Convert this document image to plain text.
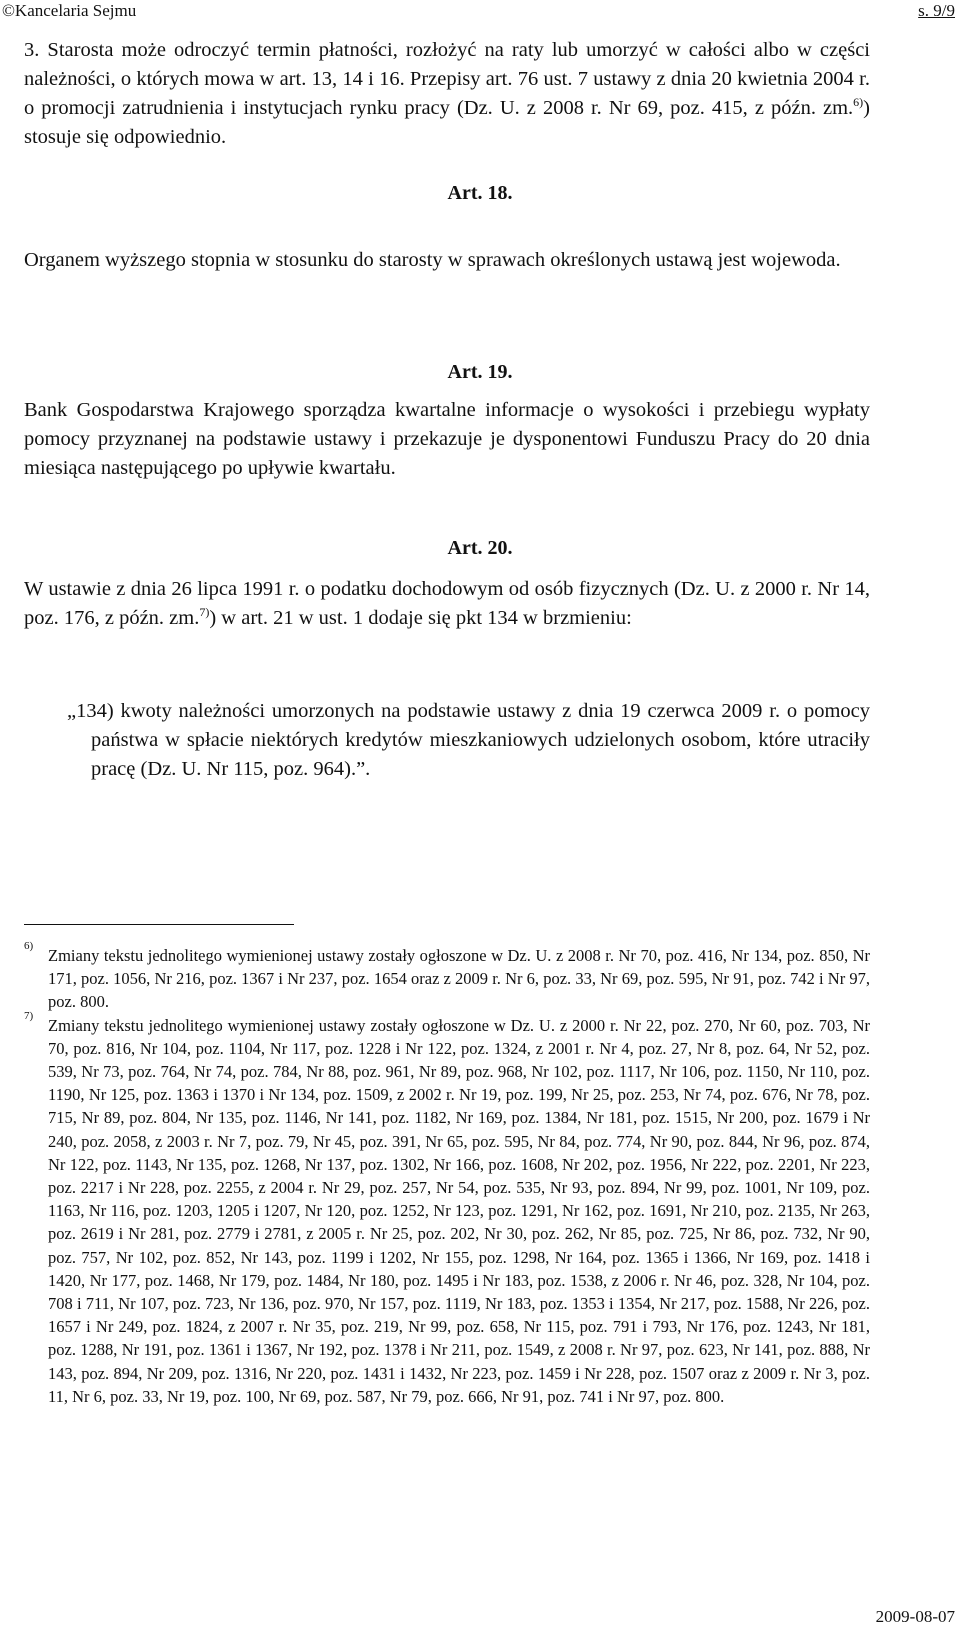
©Kancelaria Sejmu	s. 9/9

3. Starosta może odroczyć termin płatności, rozłożyć na raty lub umorzyć w całości albo w części należności, o których mowa w art. 13, 14 i 16. Przepisy art. 76 ust. 7 ustawy z dnia 20 kwietnia 2004 r. o promocji zatrudnienia i instytucjach rynku pracy (Dz. U. z 2008 r. Nr 69, poz. 415, z późn. zm.$^{6)}$) stosuje się odpowiednio.

Art. 18.

Organem wyższego stopnia w stosunku do starosty w sprawach określonych ustawą jest wojewoda.

Art. 19.

Bank Gospodarstwa Krajowego sporządza kwartalne informacje o wysokości i przebiegu wypłaty pomocy przyznanej na podstawie ustawy i przekazuje je dysponentowi Funduszu Pracy do 20 dnia miesiąca następującego po upływie kwartału.

Art. 20.

W ustawie z dnia 26 lipca 1991 r. o podatku dochodowym od osób fizycznych (Dz. U. z 2000 r. Nr 14, poz. 176, z późn. zm.$^{7)}$) w art. 21 w ust. 1 dodaje się pkt 134 w brzmieniu:

„134) kwoty należności umorzonych na podstawie ustawy z dnia 19 czerwca 2009 r. o pomocy państwa w spłacie niektórych kredytów mieszkaniowych udzielonych osobom, które utraciły pracę (Dz. U. Nr 115, poz. 964).”.

6) Zmiany tekstu jednolitego wymienionej ustawy zostały ogłoszone w Dz. U. z 2008 r. Nr 70, poz. 416, Nr 134, poz. 850, Nr 171, poz. 1056, Nr 216, poz. 1367 i Nr 237, poz. 1654 oraz z 2009 r. Nr 6, poz. 33, Nr 69, poz. 595, Nr 91, poz. 742 i Nr 97, poz. 800.

7) Zmiany tekstu jednolitego wymienionej ustawy zostały ogłoszone w Dz. U. z 2000 r. Nr 22, poz. 270, Nr 60, poz. 703, Nr 70, poz. 816, Nr 104, poz. 1104, Nr 117, poz. 1228 i Nr 122, poz. 1324, z 2001 r. Nr 4, poz. 27, Nr 8, poz. 64, Nr 52, poz. 539, Nr 73, poz. 764, Nr 74, poz. 784, Nr 88, poz. 961, Nr 89, poz. 968, Nr 102, poz. 1117, Nr 106, poz. 1150, Nr 110, poz. 1190, Nr 125, poz. 1363 i 1370 i Nr 134, poz. 1509, z 2002 r. Nr 19, poz. 199, Nr 25, poz. 253, Nr 74, poz. 676, Nr 78, poz. 715, Nr 89, poz. 804, Nr 135, poz. 1146, Nr 141, poz. 1182, Nr 169, poz. 1384, Nr 181, poz. 1515, Nr 200, poz. 1679 i Nr 240, poz. 2058, z 2003 r. Nr 7, poz. 79, Nr 45, poz. 391, Nr 65, poz. 595, Nr 84, poz. 774, Nr 90, poz. 844, Nr 96, poz. 874, Nr 122, poz. 1143, Nr 135, poz. 1268, Nr 137, poz. 1302, Nr 166, poz. 1608, Nr 202, poz. 1956, Nr 222, poz. 2201, Nr 223, poz. 2217 i Nr 228, poz. 2255, z 2004 r. Nr 29, poz. 257, Nr 54, poz. 535, Nr 93, poz. 894, Nr 99, poz. 1001, Nr 109, poz. 1163, Nr 116, poz. 1203, 1205 i 1207, Nr 120, poz. 1252, Nr 123, poz. 1291, Nr 162, poz. 1691, Nr 210, poz. 2135, Nr 263, poz. 2619 i Nr 281, poz. 2779 i 2781, z 2005 r. Nr 25, poz. 202, Nr 30, poz. 262, Nr 85, poz. 725, Nr 86, poz. 732, Nr 90, poz. 757, Nr 102, poz. 852, Nr 143, poz. 1199 i 1202, Nr 155, poz. 1298, Nr 164, poz. 1365 i 1366, Nr 169, poz. 1418 i 1420, Nr 177, poz. 1468, Nr 179, poz. 1484, Nr 180, poz. 1495 i Nr 183, poz. 1538, z 2006 r. Nr 46, poz. 328, Nr 104, poz. 708 i 711, Nr 107, poz. 723, Nr 136, poz. 970, Nr 157, poz. 1119, Nr 183, poz. 1353 i 1354, Nr 217, poz. 1588, Nr 226, poz. 1657 i Nr 249, poz. 1824, z 2007 r. Nr 35, poz. 219, Nr 99, poz. 658, Nr 115, poz. 791 i 793, Nr 176, poz. 1243, Nr 181, poz. 1288, Nr 191, poz. 1361 i 1367, Nr 192, poz. 1378 i Nr 211, poz. 1549, z 2008 r. Nr 97, poz. 623, Nr 141, poz. 888, Nr 143, poz. 894, Nr 209, poz. 1316, Nr 220, poz. 1431 i 1432, Nr 223, poz. 1459 i Nr 228, poz. 1507 oraz z 2009 r. Nr 3, poz. 11, Nr 6, poz. 33, Nr 19, poz. 100, Nr 69, poz. 587, Nr 79, poz. 666, Nr 91, poz. 741 i Nr 97, poz. 800.

2009-08-07
